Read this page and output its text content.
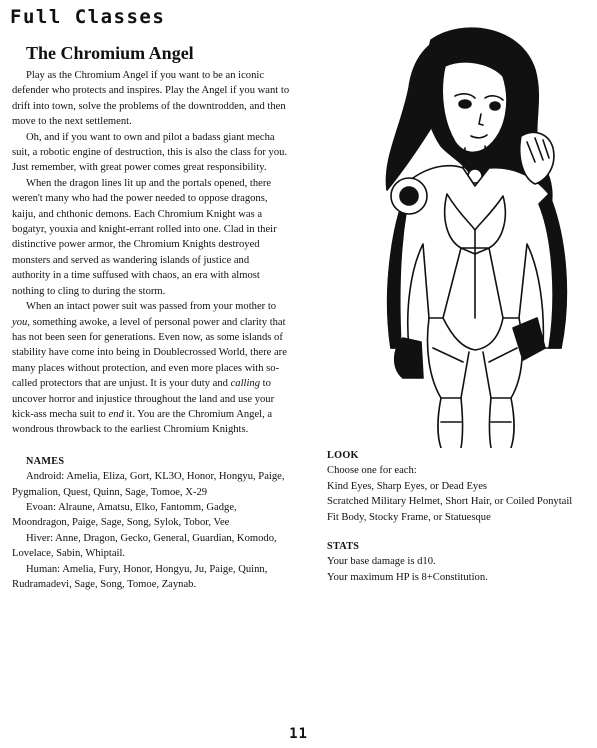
Full Classes
The Chromium Angel

Play as the Chromium Angel if you want to be an iconic defender who protects and inspires. Play the Angel if you want to drift into town, solve the problems of the downtrodden, and then move to the next settlement.

Oh, and if you want to own and pilot a badass giant mecha suit, a robotic engine of destruction, this is also the class for you. Just remember, with great power comes great responsibility.

When the dragon lines lit up and the portals opened, there weren't many who had the power needed to oppose dragons, kaiju, and chthonic demons. Each Chromium Knight was a bogatyr, youxia and knight-errant rolled into one. Clad in their distinctive power armor, the Chromium Knights destroyed monsters and served as wandering islands of justice and authority in a time suffused with chaos, an era with almost nothing to cling to during the storm.

When an intact power suit was passed from your mother to you, something awoke, a level of personal power and clarity that has not been seen for generations. Even now, as some islands of stability have come into being in Doublecrossed World, there are many places without protection, and even more places with so-called protectors that are unjust. It is your duty and calling to uncover horror and injustice throughout the land and use your kick-ass mecha suit to end it. You are the Chromium Angel, a wondrous throwback to the earliest Chromium Knights.

NAMES

Android: Amelia, Eliza, Gort, KL3O, Honor, Hongyu, Paige, Pygmalion, Quest, Quinn, Sage, Tomoe, X-29

Evoan: Alraune, Amatsu, Elko, Fantomm, Gadge, Moondragon, Paige, Sage, Song, Sylok, Tobor, Vee

Hiver: Anne, Dragon, Gecko, General, Guardian, Komodo, Lovelace, Sabin, Whiptail.

Human: Amelia, Fury, Honor, Hongyu, Ju, Paige, Quinn, Rudramadevi, Sage, Song, Tomoe, Zaynab.

LOOK

Choose one for each:

Kind Eyes, Sharp Eyes, or Dead Eyes

Scratched Military Helmet, Short Hair, or Coiled Ponytail

Fit Body, Stocky Frame, or Statuesque

STATS

Your base damage is d10.

Your maximum HP is 8+Constitution.

11
